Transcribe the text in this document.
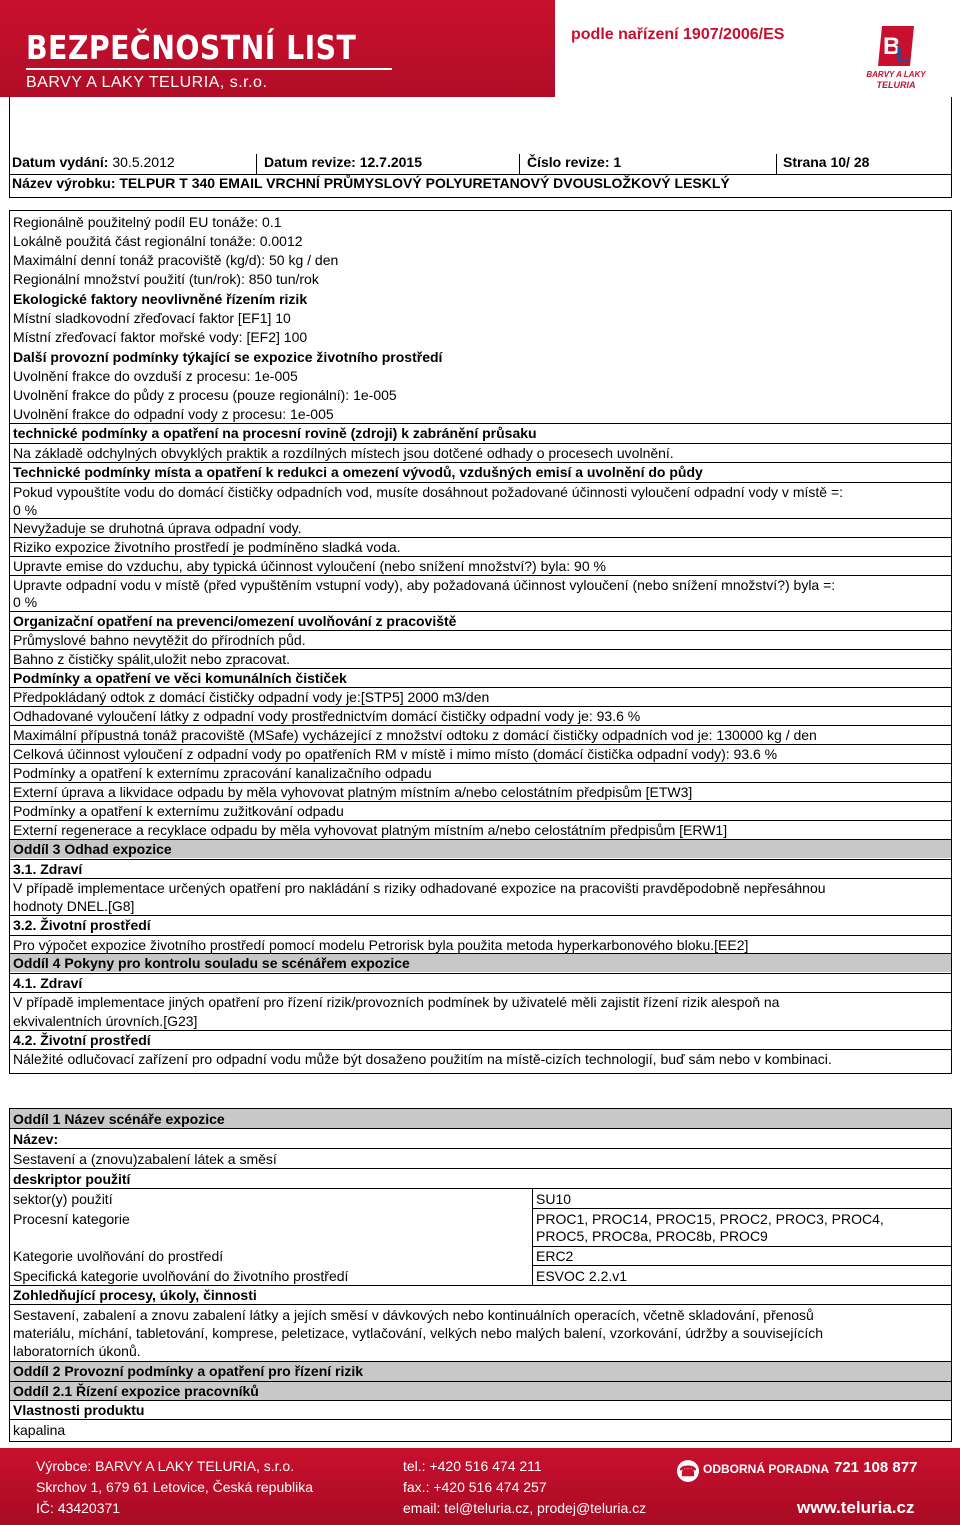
BEZPEČNOSTNÍ LIST
BARVY A LAKY TELURIA, s.r.o.
podle nařízení 1907/2006/ES	B
L
BARVY A LAKY
TELURIA
Datum vydání: 30.5.2012	Datum revize: 12.7.2015	Číslo revize: 1	Strana 10/ 28
Název výrobku: TELPUR T 340 EMAIL VRCHNÍ PRŮMYSLOVÝ POLYURETANOVÝ DVOUSLOŽKOVÝ LESKLÝ
Regionálně použitelný podíl EU tonáže: 0.1
Lokálně použitá část regionální tonáže: 0.0012
Maximální denní tonáž pracoviště (kg/d): 50 kg / den
Regionální množství použití (tun/rok): 850 tun/rok
Ekologické faktory neovlivněné řízením rizik
Místní sladkovodní zřeďovací faktor [EF1] 10
Místní zřeďovací faktor mořské vody: [EF2] 100
Další provozní podmínky týkající se expozice životního prostředí
Uvolnění frakce do ovzduší z procesu: 1e-005
Uvolnění frakce do půdy z procesu (pouze regionální): 1e-005
Uvolnění frakce do odpadní vody z procesu: 1e-005
technické podmínky a opatření na procesní rovině (zdroji) k zabránění průsaku
Na základě odchylných obvyklých praktik a rozdílných místech jsou dotčené odhady o procesech uvolnění.
Technické podmínky místa a opatření k redukci a omezení vývodů, vzdušných emisí a uvolnění do půdy
Pokud vypouštíte vodu do domácí čističky odpadních vod, musíte dosáhnout požadované účinnosti vyloučení odpadní vody v místě =:
0 %
Nevyžaduje se druhotná úprava odpadní vody.
Riziko expozice životního prostředí je podmíněno sladká voda.
Upravte emise do vzduchu, aby typická účinnost vyloučení (nebo snížení množství?) byla: 90 %
Upravte odpadní vodu v místě (před vypuštěním vstupní vody), aby požadovaná účinnost vyloučení (nebo snížení množství?) byla =:
0 %
Organizační opatření na prevenci/omezení uvolňování z pracoviště
Průmyslové bahno nevytěžit do přírodních půd.
Bahno z čističky spálit,uložit nebo zpracovat.
Podmínky a opatření ve věci komunálních čističek
Předpokládaný odtok z domácí čističky odpadní vody je:[STP5] 2000 m3/den
Odhadované vyloučení látky z odpadní vody prostřednictvím domácí čističky odpadní vody je: 93.6 %
Maximální přípustná tonáž pracoviště (MSafe) vycházející z množství odtoku z domácí čističky odpadních vod je: 130000 kg / den
Celková účinnost vyloučení z odpadní vody po opatřeních RM v místě i mimo místo (domácí čistička odpadní vody): 93.6 %
Podmínky a opatření k externímu zpracování kanalizačního odpadu
Externí úprava a likvidace odpadu by měla vyhovovat platným místním a/nebo celostátním předpisům [ETW3]
Podmínky a opatření k externímu zužitkování odpadu
Externí regenerace a recyklace odpadu by měla vyhovovat platným místním a/nebo celostátním předpisům [ERW1]
Oddíl 3 Odhad expozice
3.1. Zdraví
V případě implementace určených opatření pro nakládání s riziky odhadované expozice na pracovišti pravděpodobně nepřesáhnou
hodnoty DNEL.[G8]
3.2. Životní prostředí
Pro výpočet expozice životního prostředí pomocí modelu Petrorisk byla použita metoda hyperkarbonového bloku.[EE2]
Oddíl 4 Pokyny pro kontrolu souladu se scénářem expozice
4.1. Zdraví
V případě implementace jiných opatření pro řízení rizik/provozních podmínek by uživatelé měli zajistit řízení rizik alespoň na
ekvivalentních úrovních.[G23]
4.2. Životní prostředí
Náležité odlučovací zařízení pro odpadní vodu může být dosaženo použitím na místě-cizích technologií, buď sám nebo v kombinaci.
Oddíl 1 Název scénáře expozice
Název:
Sestavení a (znovu)zabalení látek a směsí
deskriptor použití
sektor(y) použití	SU10
Procesní kategorie	PROC1, PROC14, PROC15, PROC2, PROC3, PROC4,
PROC5, PROC8a, PROC8b, PROC9
Kategorie uvolňování do prostředí	ERC2
Specifická kategorie uvolňování do životního prostředí	ESVOC 2.2.v1
Zohledňující procesy, úkoly, činnosti
Sestavení, zabalení a znovu zabalení látky a jejích směsí v dávkových nebo kontinuálních operacích, včetně skladování, přenosů
materiálu, míchání, tabletování, komprese, peletizace, vytlačování, velkých nebo malých balení, vzorkování, údržby a souvisejících
laboratorních úkonů.
Oddíl 2 Provozní podmínky a opatření pro řízení rizik
Oddíl 2.1 Řízení expozice pracovníků
Vlastnosti produktu
kapalina
Výrobce: BARVY A LAKY TELURIA, s.r.o.
Skrchov 1, 679 61 Letovice, Česká republika
IČ: 43420371
tel.: +420 516 474 211
fax.: +420 516 474 257
email: tel@teluria.cz, prodej@teluria.cz
☎ ODBORNÁ PORADNA 721 108 877
www.teluria.cz
